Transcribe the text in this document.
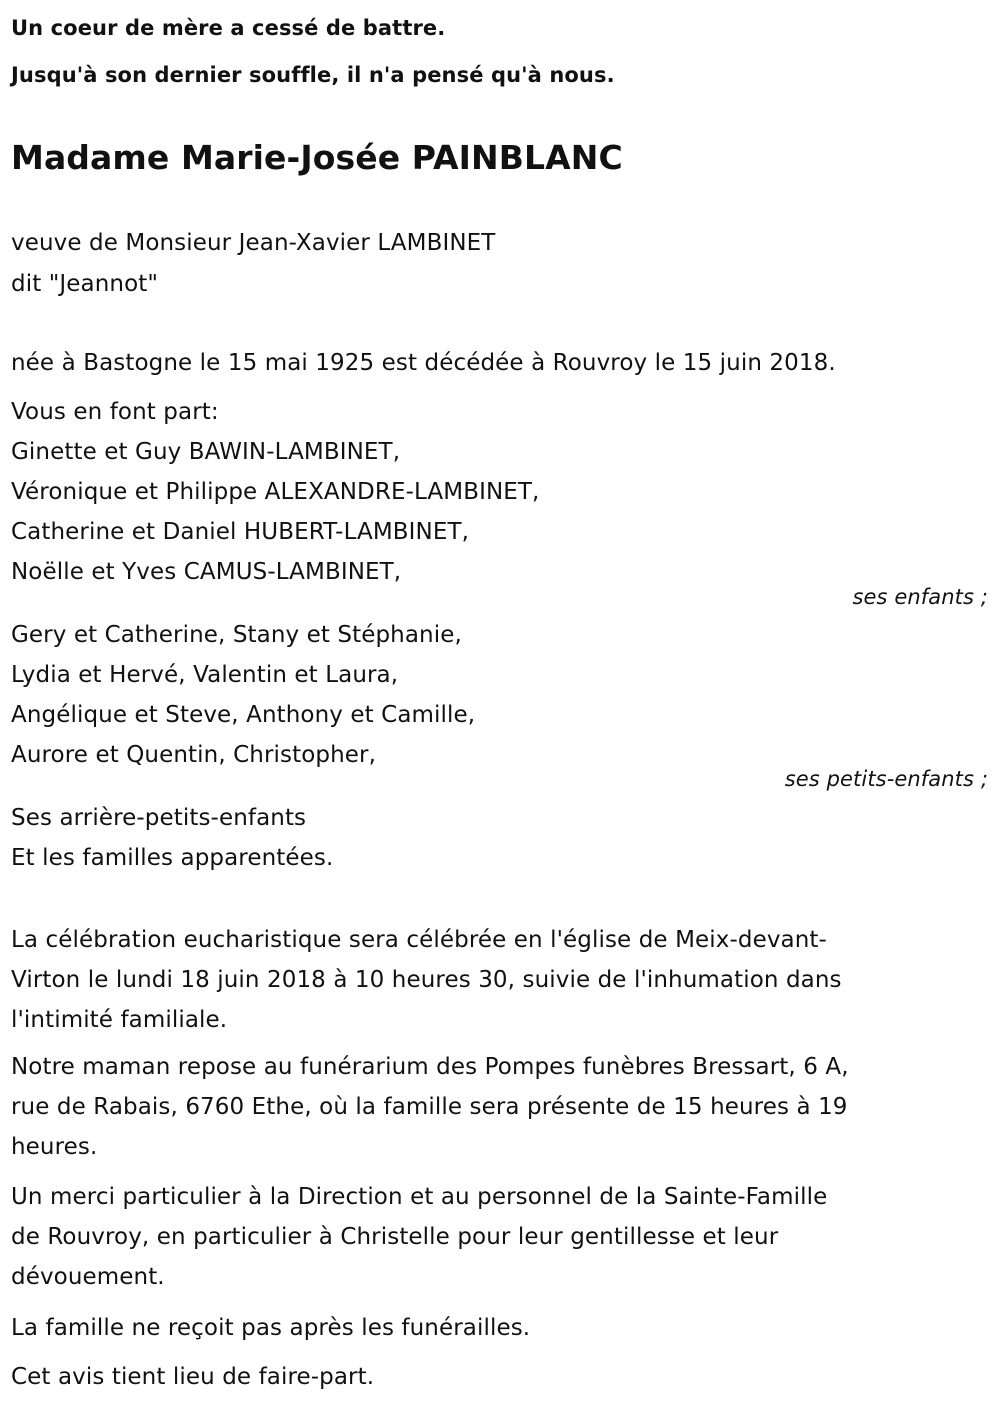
Un coeur de mère a cessé de battre.
Jusqu'à son dernier souffle, il n'a pensé qu'à nous.
Madame Marie-Josée PAINBLANC
veuve de Monsieur Jean-Xavier LAMBINET
dit "Jeannot"
née à Bastogne le 15 mai 1925 est décédée à Rouvroy le 15 juin 2018.
Vous en font part:
Ginette et Guy BAWIN-LAMBINET,
Véronique et Philippe ALEXANDRE-LAMBINET,
Catherine et Daniel HUBERT-LAMBINET,
Noëlle et Yves CAMUS-LAMBINET,
ses enfants ;
Gery et Catherine, Stany et Stéphanie,
Lydia et Hervé, Valentin et Laura,
Angélique et Steve, Anthony et Camille,
Aurore et Quentin, Christopher,
ses petits-enfants ;
Ses arrière-petits-enfants
Et les familles apparentées.
La célébration eucharistique sera célébrée en l'église de Meix-devant-
Virton le lundi 18 juin 2018 à 10 heures 30, suivie de l'inhumation dans
l'intimité familiale.
Notre maman repose au funérarium des Pompes funèbres Bressart, 6 A,
rue de Rabais, 6760 Ethe, où la famille sera présente de 15 heures à 19
heures.
Un merci particulier à la Direction et au personnel de la Sainte-Famille
de Rouvroy, en particulier à Christelle pour leur gentillesse et leur
dévouement.
La famille ne reçoit pas après les funérailles.
Cet avis tient lieu de faire-part.
